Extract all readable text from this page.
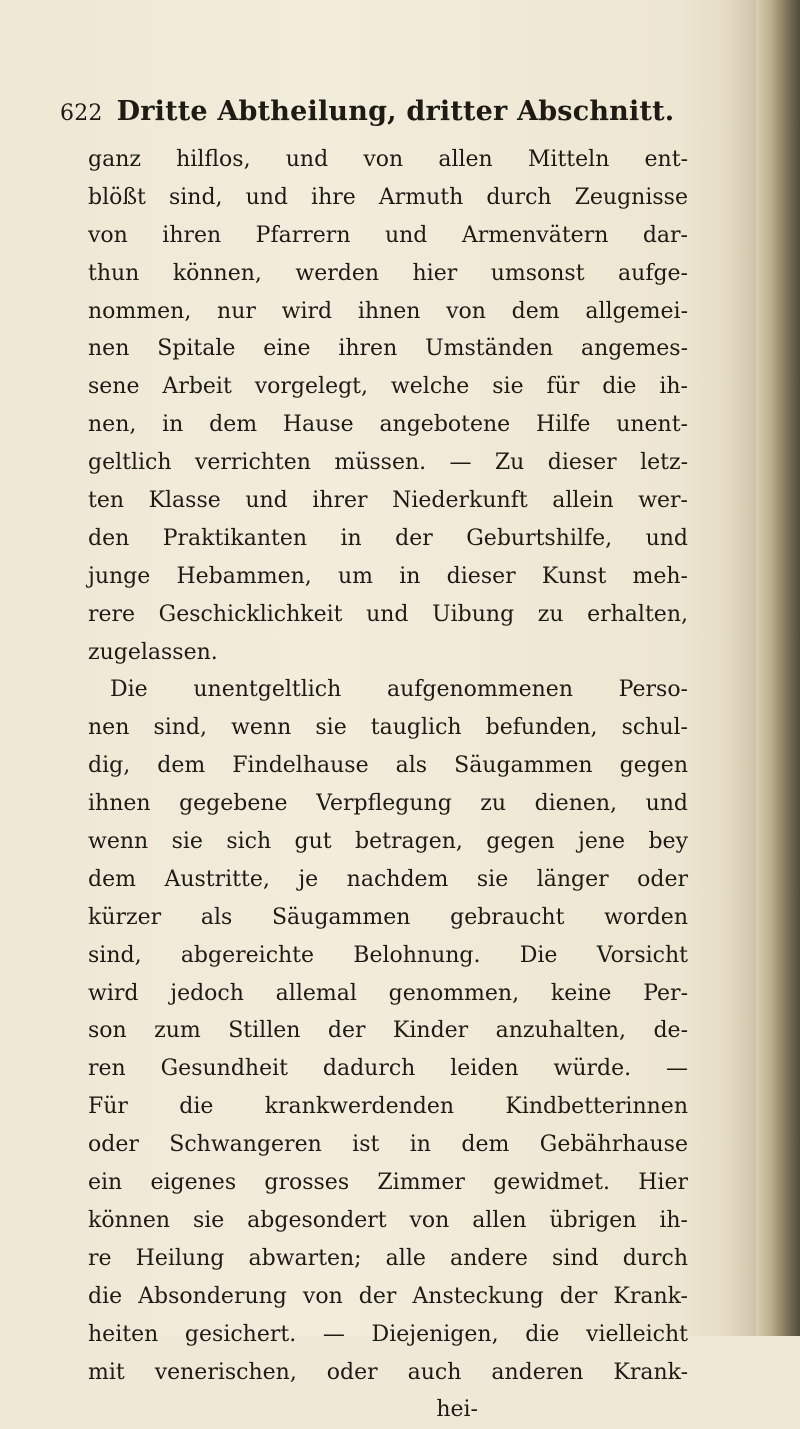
622 Dritte Abtheilung, dritter Abschnitt.
ganz hilflos, und von allen Mitteln ent-
blößt sind, und ihre Armuth durch Zeugnisse
von ihren Pfarrern und Armenvätern dar-
thun können, werden hier umsonst aufge-
nommen, nur wird ihnen von dem allgemei-
nen Spitale eine ihren Umständen angemes-
sene Arbeit vorgelegt, welche sie für die ih-
nen, in dem Hause angebotene Hilfe unent-
geltlich verrichten müssen. — Zu dieser letz-
ten Klasse und ihrer Niederkunft allein wer-
den Praktikanten in der Geburtshilfe, und
junge Hebammen, um in dieser Kunst meh-
rere Geschicklichkeit und Uibung zu erhalten,
zugelassen.
Die unentgeltlich aufgenommenen Perso-
nen sind, wenn sie tauglich befunden, schul-
dig, dem Findelhause als Säugammen gegen
ihnen gegebene Verpflegung zu dienen, und
wenn sie sich gut betragen, gegen jene bey
dem Austritte, je nachdem sie länger oder
kürzer als Säugammen gebraucht worden
sind, abgereichte Belohnung. Die Vorsicht
wird jedoch allemal genommen, keine Per-
son zum Stillen der Kinder anzuhalten, de-
ren Gesundheit dadurch leiden würde. —
Für die krankwerdenden Kindbetterinnen
oder Schwangeren ist in dem Gebährhause
ein eigenes grosses Zimmer gewidmet. Hier
können sie abgesondert von allen übrigen ih-
re Heilung abwarten; alle andere sind durch
die Absonderung von der Ansteckung der Krank-
heiten gesichert. — Diejenigen, die vielleicht
mit venerischen, oder auch anderen Krank-
hei-
